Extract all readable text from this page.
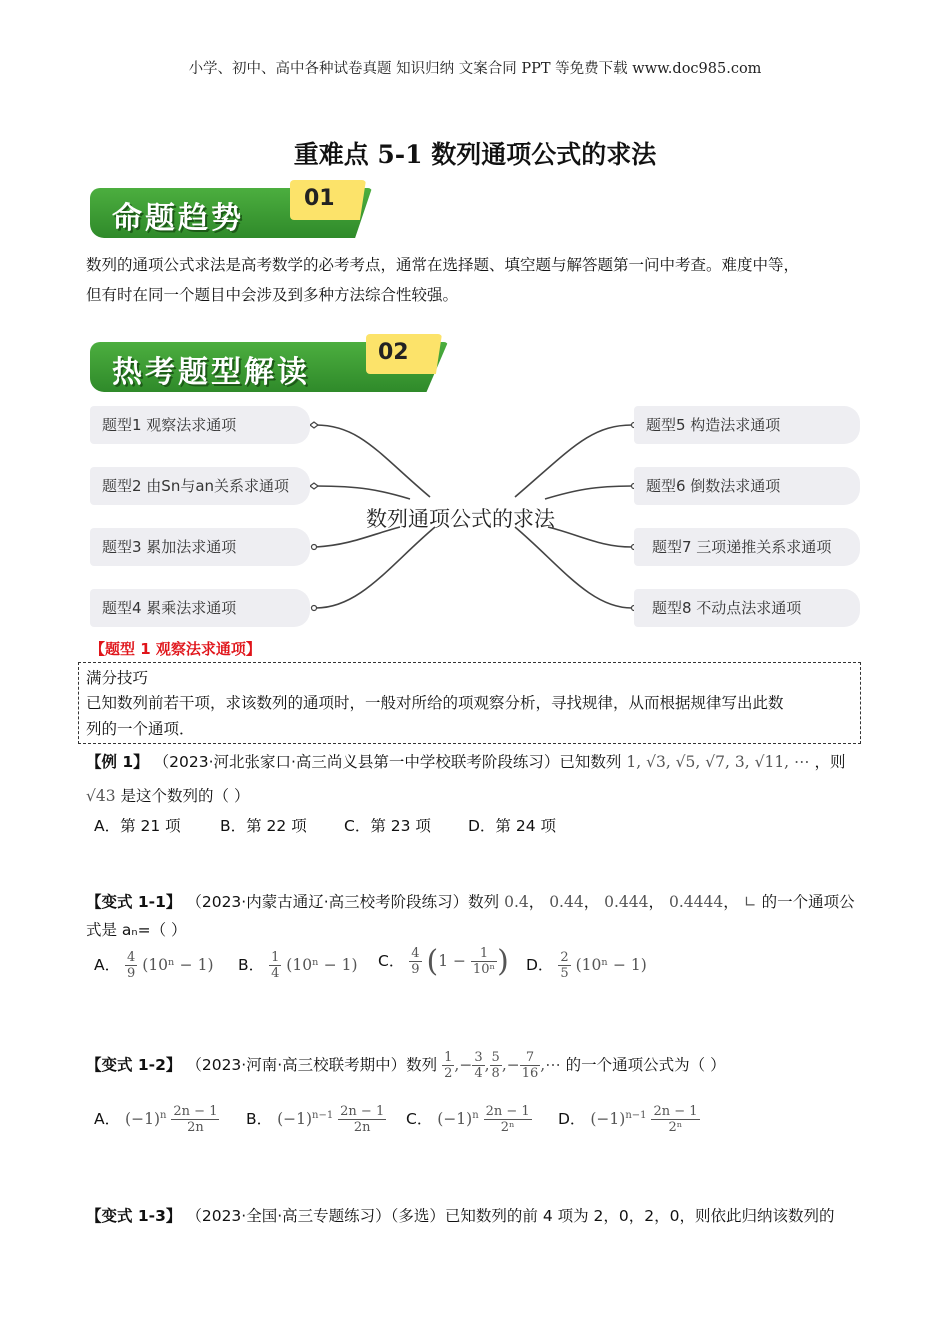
小学、初中、高中各种试卷真题 知识归纳 文案合同 PPT 等免费下载 www.doc985.com
重难点 5-1 数列通项公式的求法
命题趋势
01
数列的通项公式求法是高考数学的必考考点，通常在选择题、填空题与解答题第一问中考查。难度中等，
但有时在同一个题目中会涉及到多种方法综合性较强。
热考题型解读
02
题型1 观察法求通项
题型2 由Sn与an关系求通项
题型3 累加法求通项
题型4 累乘法求通项
题型5 构造法求通项
题型6 倒数法求通项
题型7 三项递推关系求通项
题型8 不动点法求通项
数列通项公式的求法
【题型 1 观察法求通项】
满分技巧
已知数列前若干项，求该数列的通项时，一般对所给的项观察分析，寻找规律，从而根据规律写出此数
列的一个通项．
【例 1】 （2023·河北张家口·高三尚义县第一中学校联考阶段练习）已知数列 1, √3, √5, √7, 3, √11, ⋯ ，则
√43 是这个数列的（ ）
A．第 21 项	B．第 22 项 C．第 23 项 D．第 24 项
【变式 1-1】 （2023·内蒙古通辽·高三校考阶段练习）数列 0.4， 0.44， 0.444， 0.4444， ∟ 的一个通项公
式是 aₙ=（ ）
A． $\frac{4}{9} (10^n - 1)$ B． $\frac{1}{4} (10^n - 1)$ C． $\frac{4}{9} (1 - \frac{1}{\text{10ⁿ}}$ ) D． $\frac{2}{5} (10^n - 1)$
【变式 1-2】 （2023·河南·高三校联考期中）数列 $\frac{1}{2}$ ,− $\frac{3}{4}$ , $\frac{5}{8}$ ,− $\frac{7}{16}$ ,⋯ 的一个通项公式为（ ）
A． $(-1)^n \frac{2n - 1}{2n}$ B． $(-1)^{n-1} \frac{2n - 1}{2n}$ C． $(-1)^n \frac{2n - 1}{\text{2ⁿ}}$ D． $(-1)^{n-1} \frac{2n - 1}{\text{2ⁿ}}$
【变式 1-3】 （2023·全国·高三专题练习）（多选）已知数列的前 4 项为 2，0，2，0，则依此归纳该数列的
